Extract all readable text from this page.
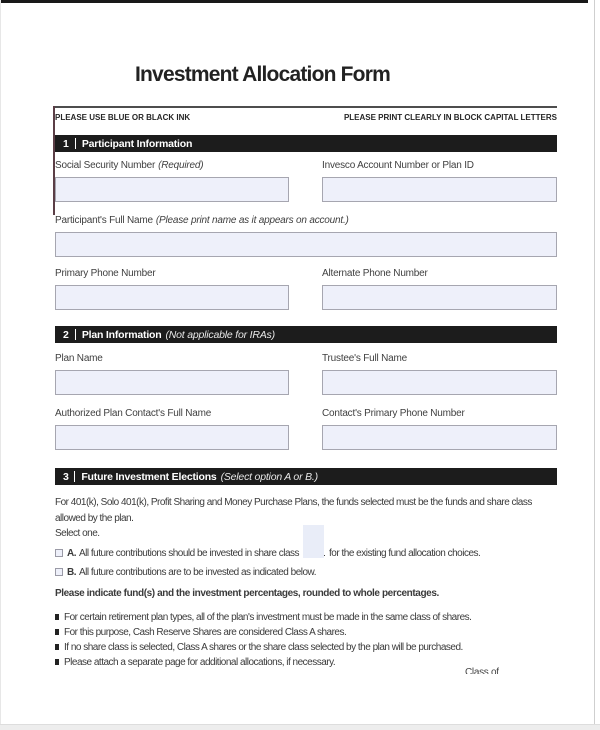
Investment Allocation Form
PLEASE USE BLUE OR BLACK INK	PLEASE PRINT CLEARLY IN BLOCK CAPITAL LETTERS
1 Participant Information
Social Security Number (Required)	Invesco Account Number or Plan ID
Participant's Full Name (Please print name as it appears on account.)
Primary Phone Number	Alternate Phone Number
2 Plan Information (Not applicable for IRAs)
Plan Name	Trustee's Full Name
Authorized Plan Contact's Full Name	Contact's Primary Phone Number
3 Future Investment Elections (Select option A or B.)
For 401(k), Solo 401(k), Profit Sharing and Money Purchase Plans, the funds selected must be the funds and share class allowed by the plan.
Select one.
A. All future contributions should be invested in share class	for the existing fund allocation choices.
B. All future contributions are to be invested as indicated below.
Please indicate fund(s) and the investment percentages, rounded to whole percentages.
For certain retirement plan types, all of the plan's investment must be made in the same class of shares.
For this purpose, Cash Reserve Shares are considered Class A shares.
If no share class is selected, Class A shares or the share class selected by the plan will be purchased.
Please attach a separate page for additional allocations, if necessary.
Class of
